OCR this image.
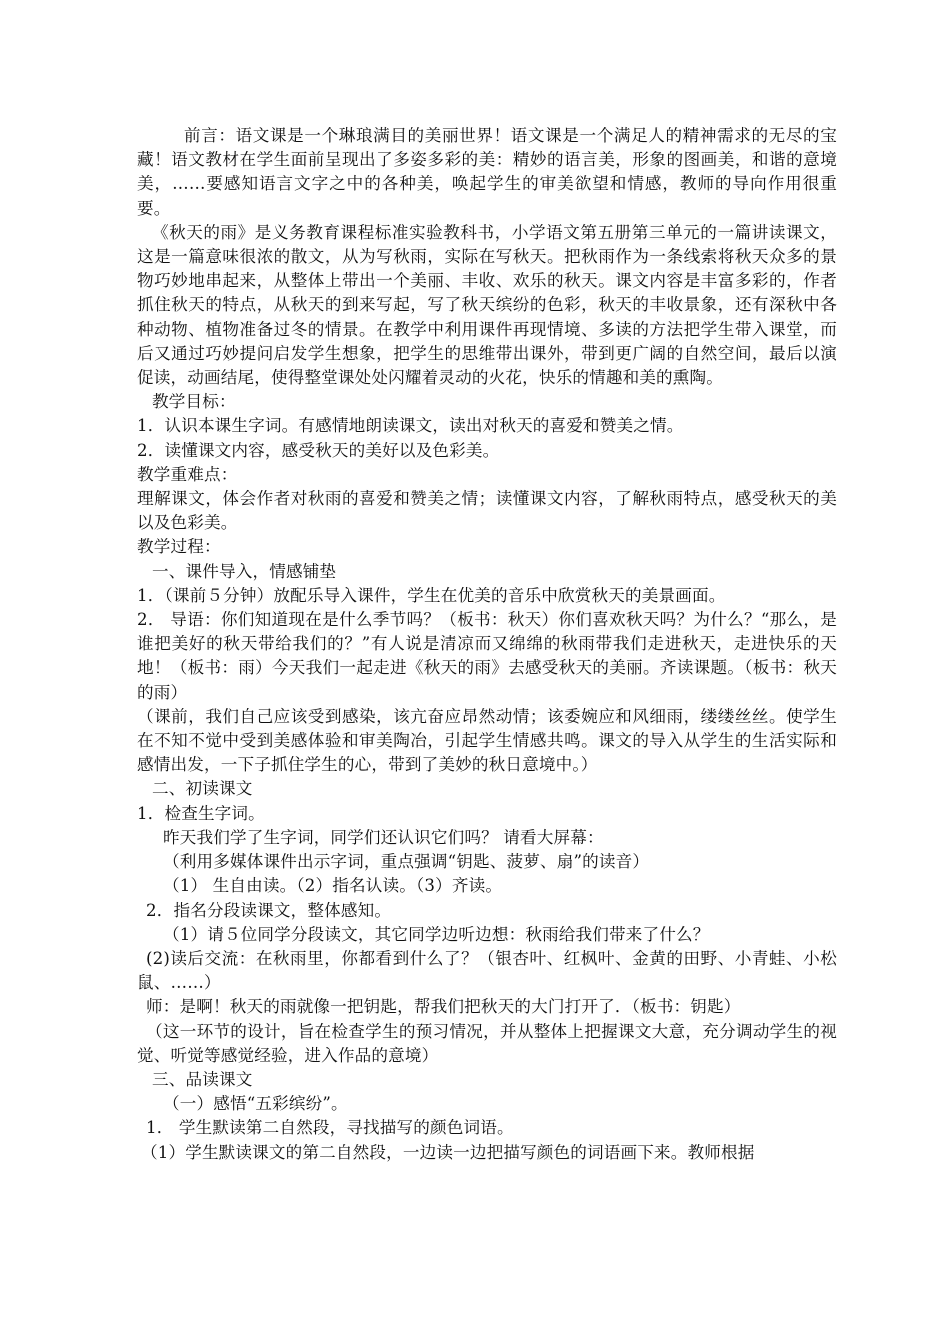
前言：语文课是一个琳琅满目的美丽世界！语文课是一个满足人的精神需求的无尽的宝藏！语文教材在学生面前呈现出了多姿多彩的美：精妙的语言美，形象的图画美，和谐的意境美，……要感知语言文字之中的各种美，唤起学生的审美欲望和情感，教师的导向作用很重要。

《秋天的雨》是义务教育课程标准实验教科书，小学语文第五册第三单元的一篇讲读课文，这是一篇意味很浓的散文，从为写秋雨，实际在写秋天。把秋雨作为一条线索将秋天众多的景物巧妙地串起来，从整体上带出一个美丽、丰收、欢乐的秋天。课文内容是丰富多彩的，作者抓住秋天的特点，从秋天的到来写起，写了秋天缤纷的色彩，秋天的丰收景象，还有深秋中各种动物、植物准备过冬的情景。在教学中利用课件再现情境、多读的方法把学生带入课堂，而后又通过巧妙提问启发学生想象，把学生的思维带出课外，带到更广阔的自然空间，最后以演促读，动画结尾，使得整堂课处处闪耀着灵动的火花，快乐的情趣和美的熏陶。

教学目标：

1．认识本课生字词。有感情地朗读课文，读出对秋天的喜爱和赞美之情。

2．读懂课文内容，感受秋天的美好以及色彩美。

教学重难点：

理解课文，体会作者对秋雨的喜爱和赞美之情；读懂课文内容，了解秋雨特点，感受秋天的美以及色彩美。

教学过程：

一、课件导入，情感铺垫

1．（课前５分钟）放配乐导入课件，学生在优美的音乐中欣赏秋天的美景画面。

2． 导语：你们知道现在是什么季节吗？（板书：秋天）你们喜欢秋天吗？为什么？“那么，是谁把美好的秋天带给我们的？”有人说是清凉而又绵绵的秋雨带我们走进秋天，走进快乐的天地！（板书：雨）今天我们一起走进《秋天的雨》去感受秋天的美丽。齐读课题。（板书：秋天的雨）

（课前，我们自己应该受到感染，该亢奋应昂然动情；该委婉应和风细雨，缕缕丝丝。使学生在不知不觉中受到美感体验和审美陶冶，引起学生情感共鸣。课文的导入从学生的生活实际和感情出发，一下子抓住学生的心，带到了美妙的秋日意境中。）

二、初读课文

1．检查生字词。

昨天我们学了生字词，同学们还认识它们吗？ 请看大屏幕：

（利用多媒体课件出示字词，重点强调“钥匙、菠萝、扇”的读音）

（1） 生自由读。（2）指名认读。（3）齐读。

2．指名分段读课文，整体感知。

（1）请５位同学分段读文，其它同学边听边想：秋雨给我们带来了什么？

(2)读后交流：在秋雨里，你都看到什么了？（银杏叶、红枫叶、金黄的田野、小青蛙、小松鼠、……）

师：是啊！秋天的雨就像一把钥匙，帮我们把秋天的大门打开了．（板书：钥匙）

（这一环节的设计，旨在检查学生的预习情况，并从整体上把握课文大意，充分调动学生的视觉、听觉等感觉经验，进入作品的意境）

三、品读课文

（一）感悟“五彩缤纷”。

1． 学生默读第二自然段，寻找描写的颜色词语。

（1）学生默读课文的第二自然段，一边读一边把描写颜色的词语画下来。教师根据
